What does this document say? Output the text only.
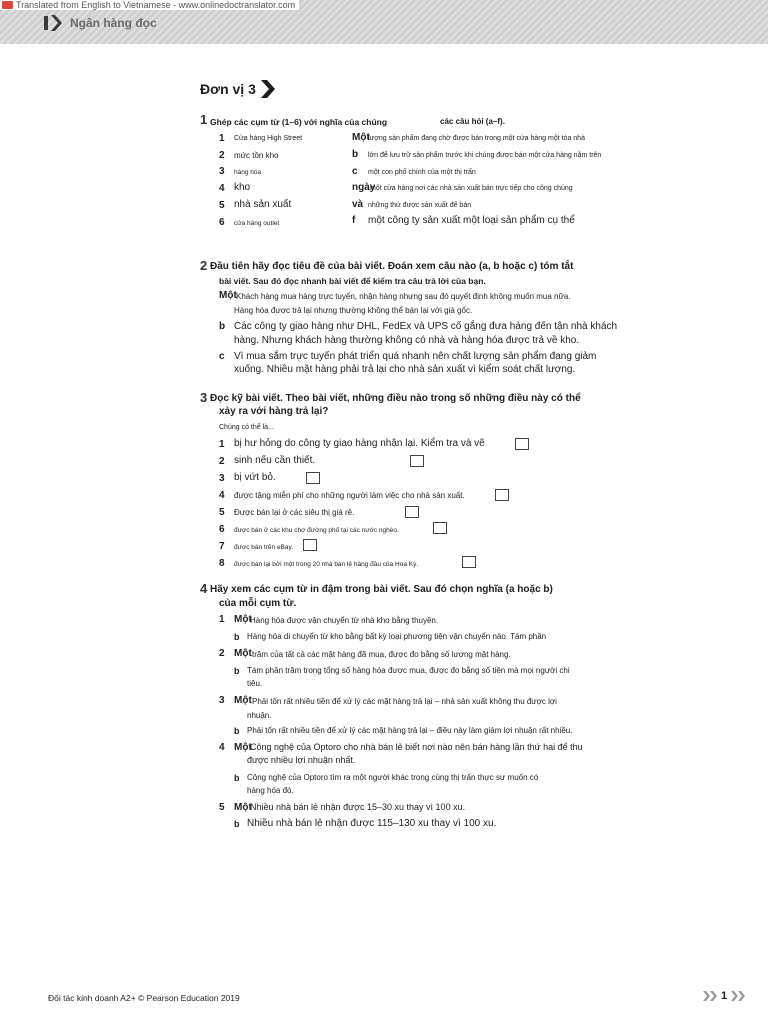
Translated from English to Vietnamese - www.onlinedoctranslator.com
Ngân hàng đọc
Đơn vị 3
1 Ghép các cụm từ (1–6) với nghĩa của chúng	các câu hỏi (a–f).
1 Cửa hàng High Street
2 mức tồn kho
3 hàng hóa
4 kho
5 nhà sản xuất
6 cửa hàng outlet
Một
lượng sản phẩm đang chờ được bán trong một cửa hàng một tòa nhà
b lớn để lưu trữ sản phẩm trước khi chúng được bán một cửa hàng nằm trên
c một con phố chính của một thị trấn
ngày
một cửa hàng nơi các nhà sản xuất bán trực tiếp cho công chúng
và những thứ được sản xuất để bán
f một công ty sản xuất một loại sản phẩm cụ thể
2 Đầu tiên hãy đọc tiêu đề của bài viết. Đoán xem câu nào (a, b hoặc c) tóm tắt
bài viết. Sau đó đọc nhanh bài viết để kiểm tra câu trả lời của bạn.
Một Khách hàng mua hàng trực tuyến, nhận hàng nhưng sau đó quyết định không muốn mua nữa.
Hàng hóa được trả lại nhưng thường không thể bán lại với giá gốc.
b Các công ty giao hàng như DHL, FedEx và UPS cố gắng đưa hàng đến tận nhà khách
hàng. Nhưng khách hàng thường không có nhà và hàng hóa được trả về kho.
c Vì mua sắm trực tuyến phát triển quá nhanh nên chất lượng sản phẩm đang giảm
xuống. Nhiều mặt hàng phải trả lại cho nhà sản xuất vì kiểm soát chất lượng.
3 Đọc kỹ bài viết. Theo bài viết, những điều nào trong số những điều này có thể
xảy ra với hàng trả lại?
Chúng có thể là...
1 bị hư hỏng do công ty giao hàng nhận lại. Kiểm tra và vẽ
2 sinh nếu cần thiết.
3 bị vứt bỏ.
4 được tặng miễn phí cho những người làm việc cho nhà sản xuất.
5 Được bán lại ở các siêu thị giá rẻ.
6 được bán ở các khu chợ đường phố tại các nước nghèo.
7 được bán trên eBay.
8 được bán lại bởi một trong 20 nhà bán lẻ hàng đầu của Hoa Kỳ.
4 Hãy xem các cụm từ in đậm trong bài viết. Sau đó chọn nghĩa (a hoặc b)
của mỗi cụm từ.
1 Một
Hàng hóa được vận chuyển từ nhà kho bằng thuyền.
b Hàng hóa di chuyển từ kho bằng bất kỳ loại phương tiện vận chuyển nào. Tám phần
2 Một trăm của tất cả các mặt hàng đã mua, được đo bằng số lượng mặt hàng.
b Tám phần trăm trong tổng số hàng hóa được mua, được đo bằng số tiền mà mọi người chi
tiêu.
3 Một Phải tốn rất nhiều tiền để xử lý các mặt hàng trả lại – nhà sản xuất không thu được lợi
nhuận.
b Phải tốn rất nhiều tiền để xử lý các mặt hàng trả lại – điều này làm giảm lợi nhuận rất nhiều.
4 Một
Công nghệ của Optoro cho nhà bán lẻ biết nơi nào nên bán hàng lần thứ hai để thu
được nhiều lợi nhuận nhất.
b Công nghệ của Optoro tìm ra một người khác trong cùng thị trấn thực sự muốn có
hàng hóa đó.
5 Một
Nhiều nhà bán lẻ nhận được 15–30 xu thay vì 100 xu.
b Nhiều nhà bán lẻ nhận được 115–130 xu thay vì 100 xu.
Đối tác kinh doanh A2+ © Pearson Education 2019	1
